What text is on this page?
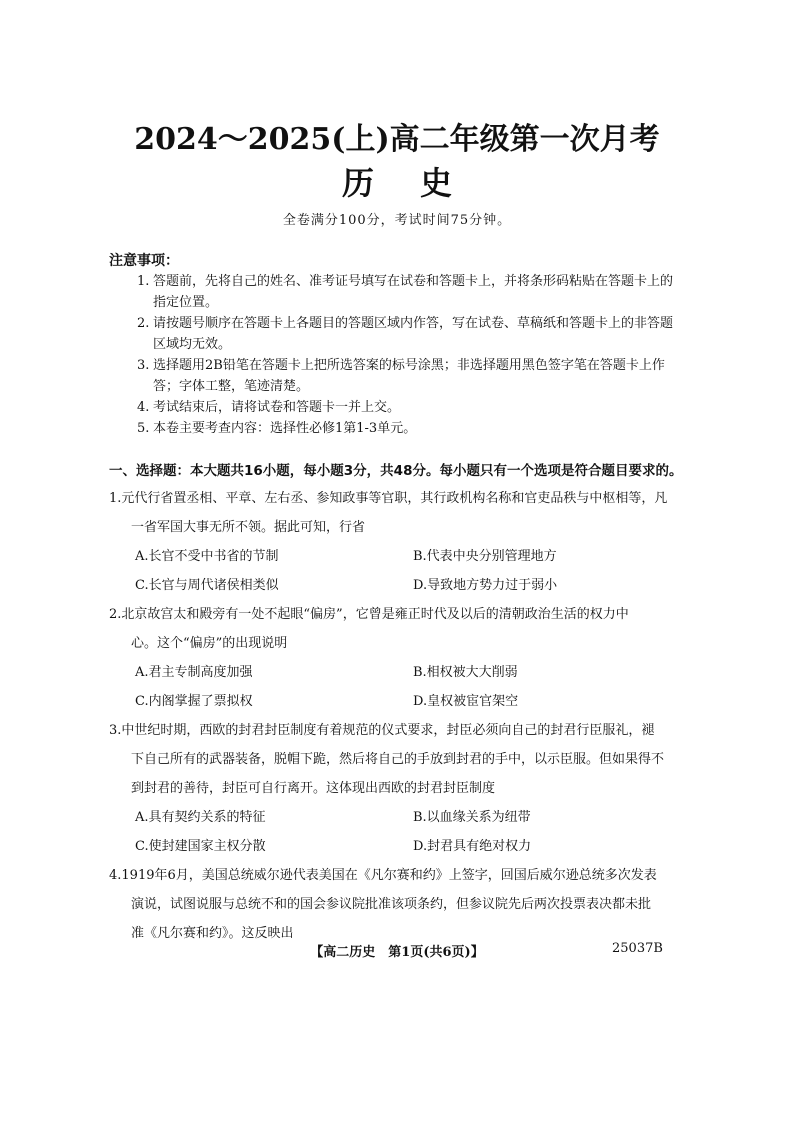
2024～2025(上)高二年级第一次月考
历史
全卷满分100分，考试时间75分钟。
注意事项：
1. 答题前，先将自己的姓名、准考证号填写在试卷和答题卡上，并将条形码粘贴在答题卡上的指定位置。
2. 请按题号顺序在答题卡上各题目的答题区域内作答，写在试卷、草稿纸和答题卡上的非答题区域均无效。
3. 选择题用2B铅笔在答题卡上把所选答案的标号涂黑；非选择题用黑色签字笔在答题卡上作答；字体工整，笔迹清楚。
4. 考试结束后，请将试卷和答题卡一并上交。
5. 本卷主要考查内容：选择性必修1第1-3单元。
一、选择题：本大题共16小题，每小题3分，共48分。每小题只有一个选项是符合题目要求的。
1.元代行省置丞相、平章、左右丞、参知政事等官职，其行政机构名称和官吏品秩与中枢相等，凡
一省军国大事无所不领。据此可知，行省
A.长官不受中书省的节制	B.代表中央分别管理地方
C.长官与周代诸侯相类似	D.导致地方势力过于弱小
2.北京故宫太和殿旁有一处不起眼“偏房”，它曾是雍正时代及以后的清朝政治生活的权力中
心。这个“偏房”的出现说明
A.君主专制高度加强	B.相权被大大削弱
C.内阁掌握了票拟权	D.皇权被宦官架空
3.中世纪时期，西欧的封君封臣制度有着规范的仪式要求，封臣必须向自己的封君行臣服礼，褪
下自己所有的武器装备，脱帽下跪，然后将自己的手放到封君的手中，以示臣服。但如果得不
到封君的善待，封臣可自行离开。这体现出西欧的封君封臣制度
A.具有契约关系的特征	B.以血缘关系为纽带
C.使封建国家主权分散	D.封君具有绝对权力
4.1919年6月，美国总统威尔逊代表美国在《凡尔赛和约》上签字，回国后威尔逊总统多次发表
演说，试图说服与总统不和的国会参议院批准该项条约，但参议院先后两次投票表决都未批
准《凡尔赛和约》。这反映出
【高二历史　第1页(共6页)】	25037B
